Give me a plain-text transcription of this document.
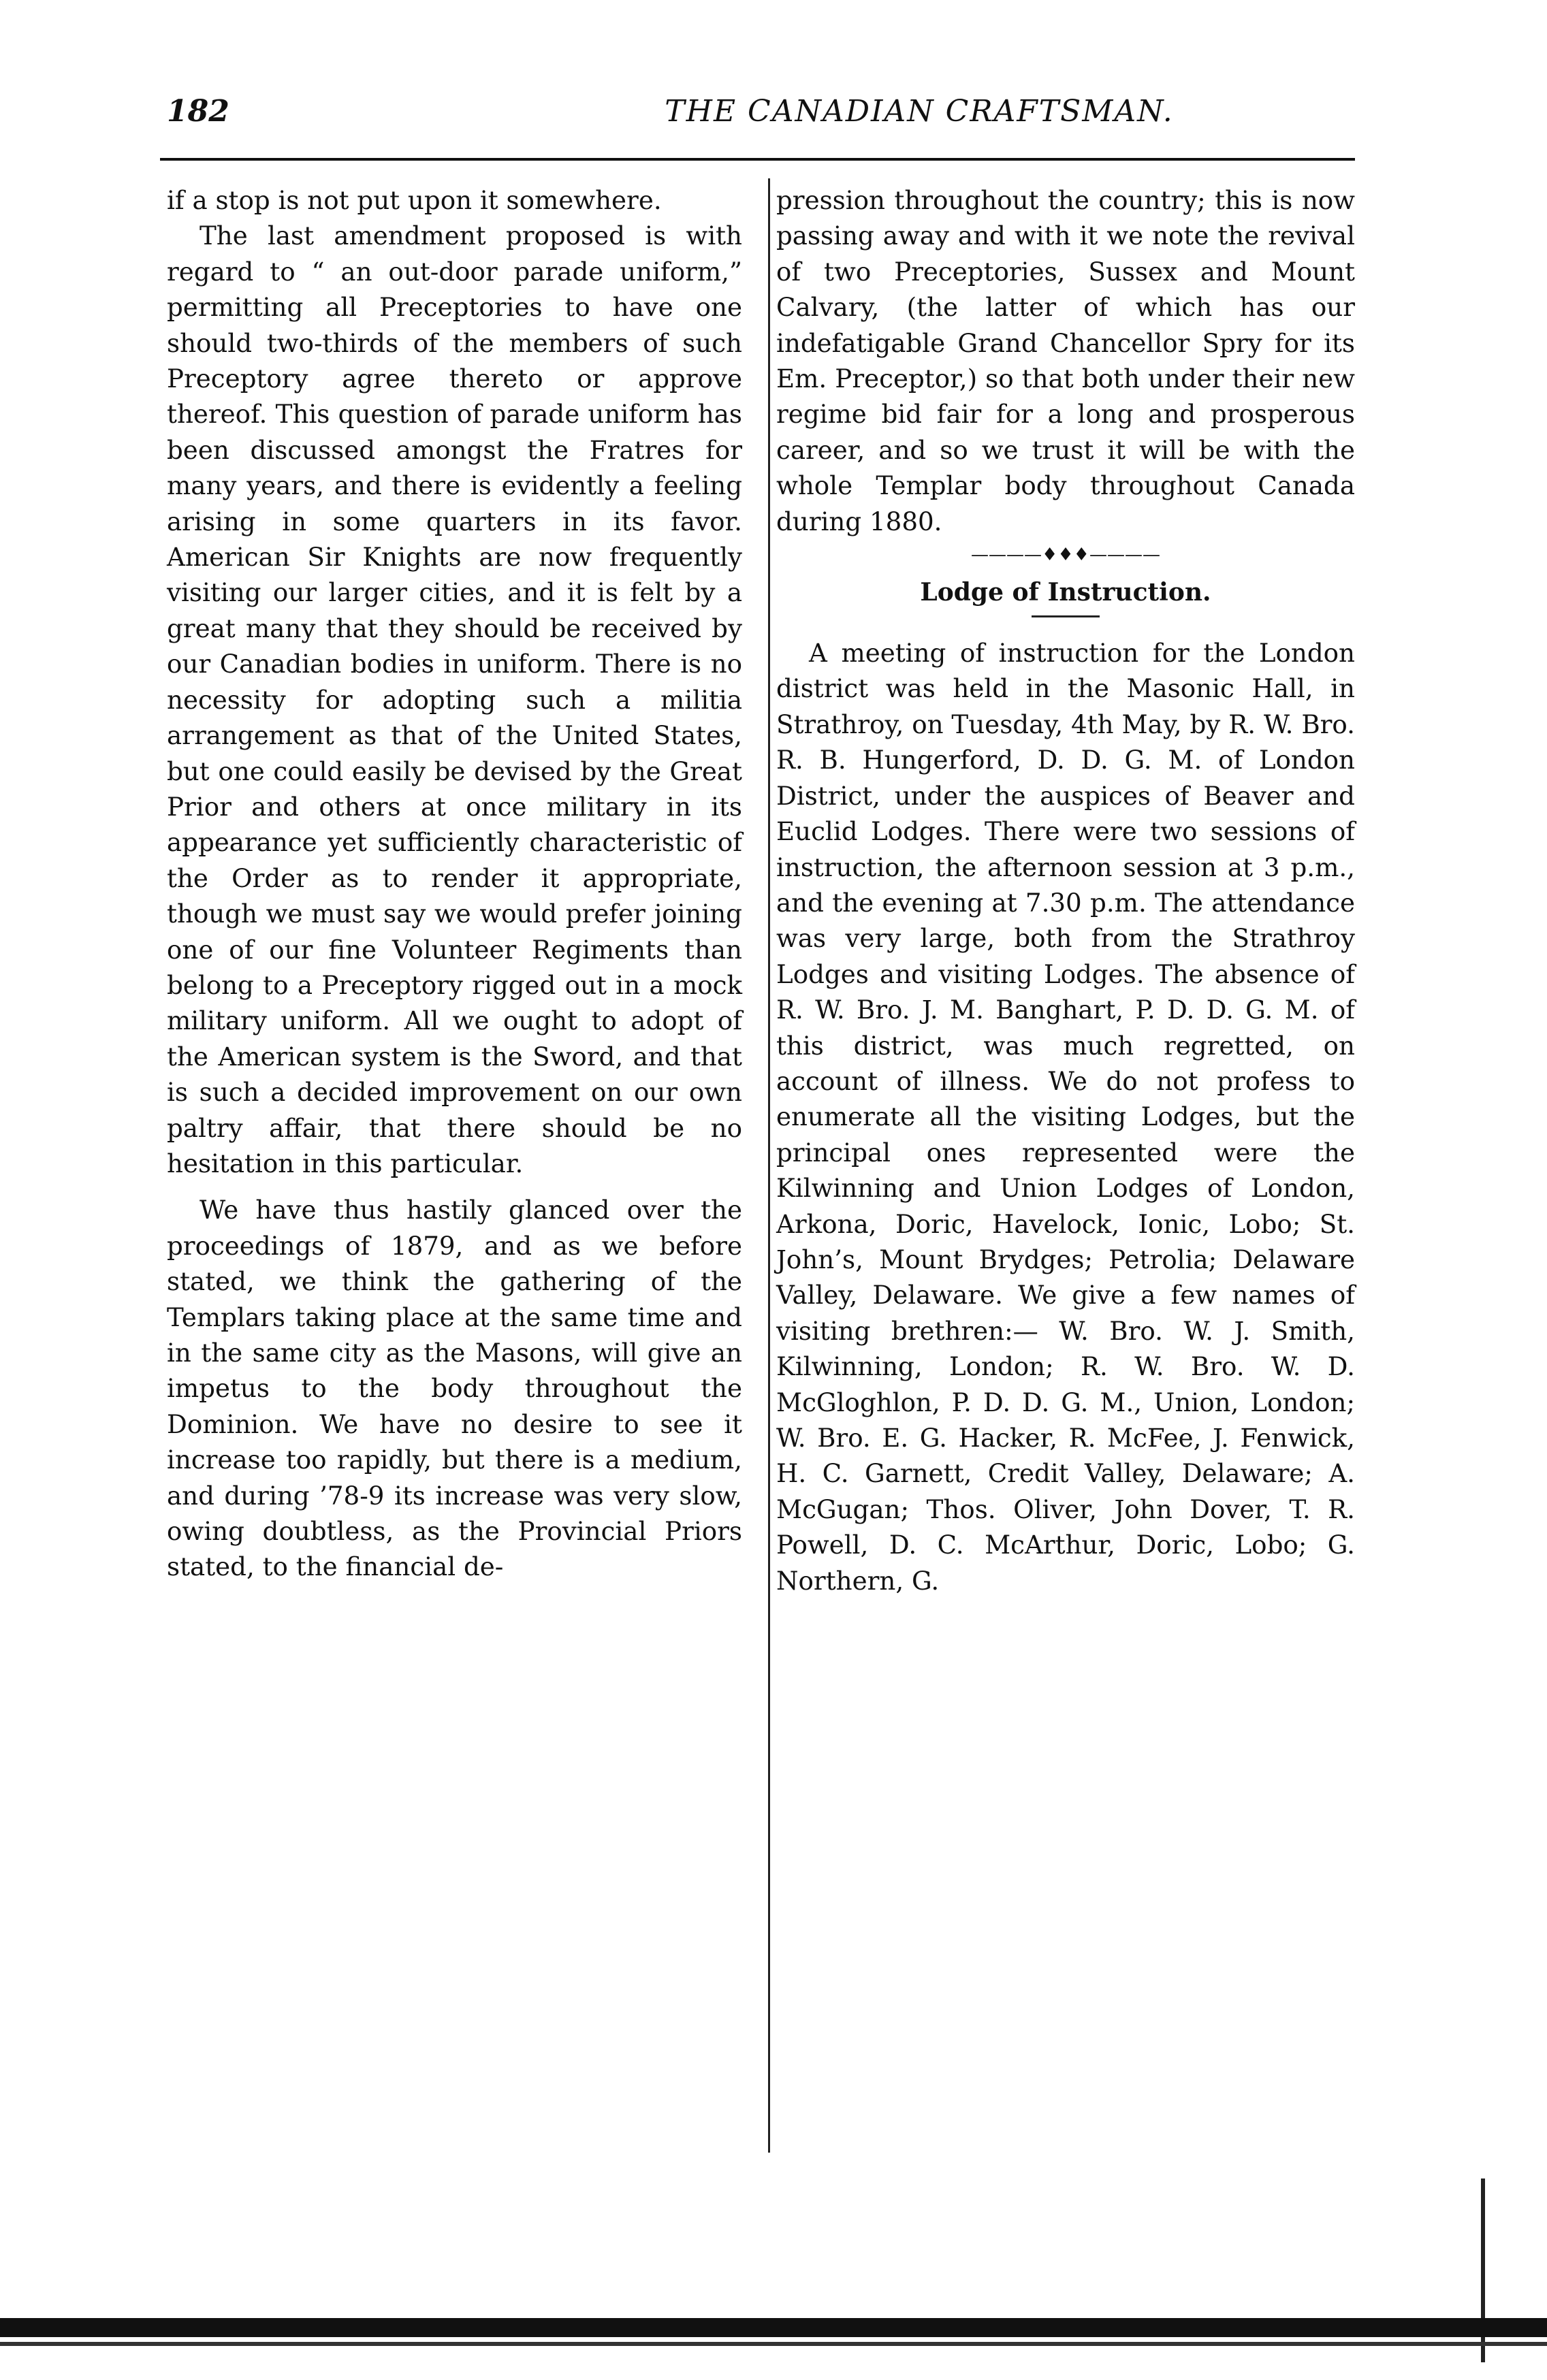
182	THE CANADIAN CRAFTSMAN.

if a stop is not put upon it somewhere.

The last amendment proposed is with regard to “ an out-door parade uniform,” permitting all Preceptories to have one should two-thirds of the members of such Preceptory agree thereto or approve thereof. This question of parade uniform has been discussed amongst the Fratres for many years, and there is evidently a feeling arising in some quarters in its favor. American Sir Knights are now frequently visiting our larger cities, and it is felt by a great many that they should be received by our Canadian bodies in uniform. There is no necessity for adopting such a militia arrangement as that of the United States, but one could easily be devised by the Great Prior and others at once military in its appearance yet sufficiently characteristic of the Order as to render it appropriate, though we must say we would prefer joining one of our fine Volunteer Regiments than belong to a Preceptory rigged out in a mock military uniform. All we ought to adopt of the American system is the Sword, and that is such a decided improvement on our own paltry affair, that there should be no hesitation in this particular.

We have thus hastily glanced over the proceedings of 1879, and as we before stated, we think the gathering of the Templars taking place at the same time and in the same city as the Masons, will give an impetus to the body throughout the Dominion. We have no desire to see it increase too rapidly, but there is a medium, and during ’78-9 its increase was very slow, owing doubtless, as the Provincial Priors stated, to the financial de-

pression throughout the country; this is now passing away and with it we note the revival of two Preceptories, Sussex and Mount Calvary, (the latter of which has our indefatigable Grand Chancellor Spry for its Em. Preceptor,) so that both under their new regime bid fair for a long and prosperous career, and so we trust it will be with the whole Templar body throughout Canada during 1880.

————♦♦♦————
Lodge of Instruction.

A meeting of instruction for the London district was held in the Masonic Hall, in Strathroy, on Tuesday, 4th May, by R. W. Bro. R. B. Hungerford, D. D. G. M. of London District, under the auspices of Beaver and Euclid Lodges. There were two sessions of instruction, the afternoon session at 3 p.m., and the evening at 7.30 p.m. The attendance was very large, both from the Strathroy Lodges and visiting Lodges. The absence of R. W. Bro. J. M. Banghart, P. D. D. G. M. of this district, was much regretted, on account of illness. We do not profess to enumerate all the visiting Lodges, but the principal ones represented were the Kilwinning and Union Lodges of London, Arkona, Doric, Havelock, Ionic, Lobo; St. John’s, Mount Brydges; Petrolia; Delaware Valley, Delaware. We give a few names of visiting brethren:— W. Bro. W. J. Smith, Kilwinning, London; R. W. Bro. W. D. McGloghlon, P. D. D. G. M., Union, London; W. Bro. E. G. Hacker, R. McFee, J. Fenwick, H. C. Garnett, Credit Valley, Delaware; A. McGugan; Thos. Oliver, John Dover, T. R. Powell, D. C. McArthur, Doric, Lobo; G. Northern, G.
